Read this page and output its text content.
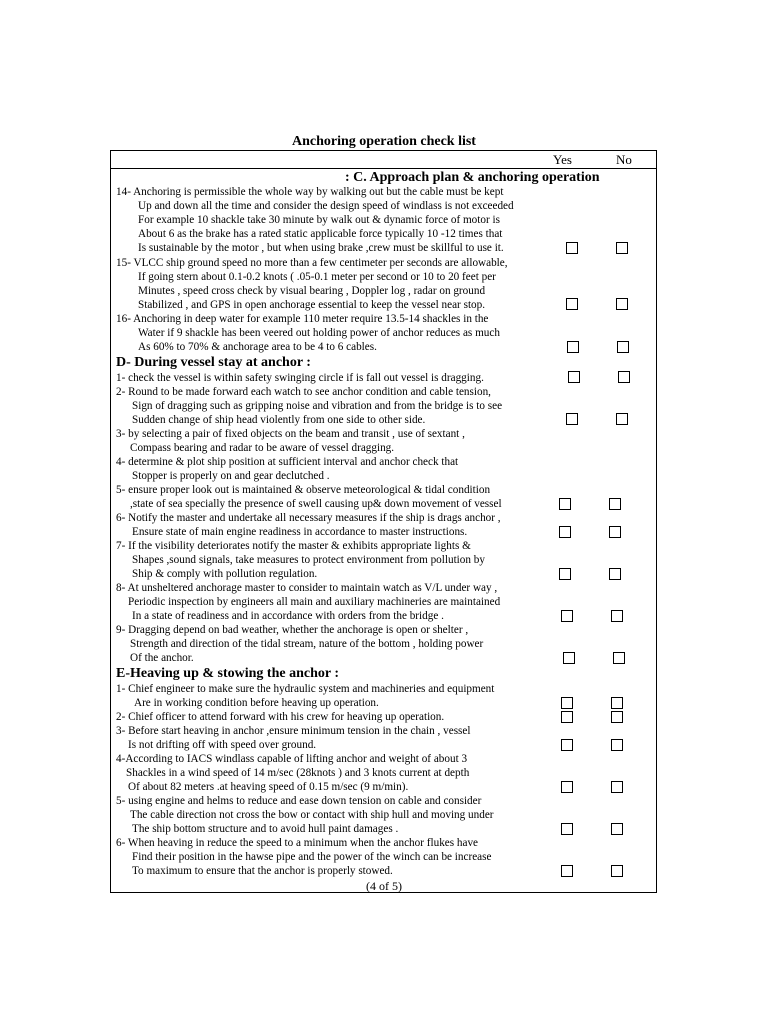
Anchoring operation check list
Yes	No
: C. Approach plan & anchoring operation
14- Anchoring is permissible the whole way by walking out but the cable must be kept
Up and down all the time and consider the design speed of windlass is not exceeded
For example 10 shackle take 30 minute by walk out & dynamic force of motor is
About 6 as the brake has a rated static applicable force typically 10 -12 times that
Is sustainable by the motor , but when using brake ,crew must be skillful to use it.
15- VLCC ship ground speed no more than a few centimeter per seconds are allowable,
If going stern about 0.1-0.2 knots ( .05-0.1 meter per second or 10 to 20 feet per
Minutes , speed cross check by visual bearing , Doppler log , radar on ground
Stabilized , and GPS in open anchorage essential to keep the vessel near stop.
16- Anchoring in deep water for example 110 meter require 13.5-14 shackles in the
Water if 9 shackle has been veered out holding power of anchor reduces as much
As 60% to 70% & anchorage area to be 4 to 6 cables.
D- During vessel stay at anchor :
1- check the vessel is within safety swinging circle if is fall out vessel is dragging.
2- Round to be made forward each watch to see anchor condition and cable tension,
Sign of dragging such as gripping noise and vibration and from the bridge is to see
Sudden change of ship head violently from one side to other side.
3- by selecting a pair of fixed objects on the beam and transit , use of sextant ,
Compass bearing and radar to be aware of vessel dragging.
4- determine & plot ship position at sufficient interval and anchor check that
Stopper is properly on and gear declutched .
5- ensure proper look out is maintained & observe meteorological & tidal condition
,state of sea specially the presence of swell causing up& down movement of vessel
6- Notify the master and undertake all necessary measures if the ship is drags anchor ,
Ensure state of main engine readiness in accordance to master instructions.
7- If the visibility deteriorates notify the master & exhibits appropriate lights &
Shapes ,sound signals, take measures to protect environment from pollution by
Ship & comply with pollution regulation.
8- At unsheltered anchorage master to consider to maintain watch as V/L under way ,
Periodic inspection by engineers all main and auxiliary machineries are maintained
In a state of readiness and in accordance with orders from the bridge .
9- Dragging depend on bad weather, whether the anchorage is open or shelter ,
Strength and direction of the tidal stream, nature of the bottom , holding power
Of the anchor.
E-Heaving up & stowing the anchor :
1- Chief engineer to make sure the hydraulic system and machineries and equipment
Are in working condition before heaving up operation.
2- Chief officer to attend forward with his crew for heaving up operation.
3- Before start heaving in anchor ,ensure minimum tension in the chain , vessel
Is not drifting off with speed over ground.
4-According to IACS windlass capable of lifting anchor and weight of about 3
Shackles in a wind speed of 14 m/sec (28knots ) and 3 knots current at depth
Of about 82 meters .at heaving speed of 0.15 m/sec (9 m/min).
5- using engine and helms to reduce and ease down tension on cable and consider
The cable direction not cross the bow or contact with ship hull and moving under
The ship bottom structure and to avoid hull paint damages .
6- When heaving in reduce the speed to a minimum when the anchor flukes have
Find their position in the hawse pipe and the power of the winch can be increase
To maximum to ensure that the anchor is properly stowed.
(4 of 5)
